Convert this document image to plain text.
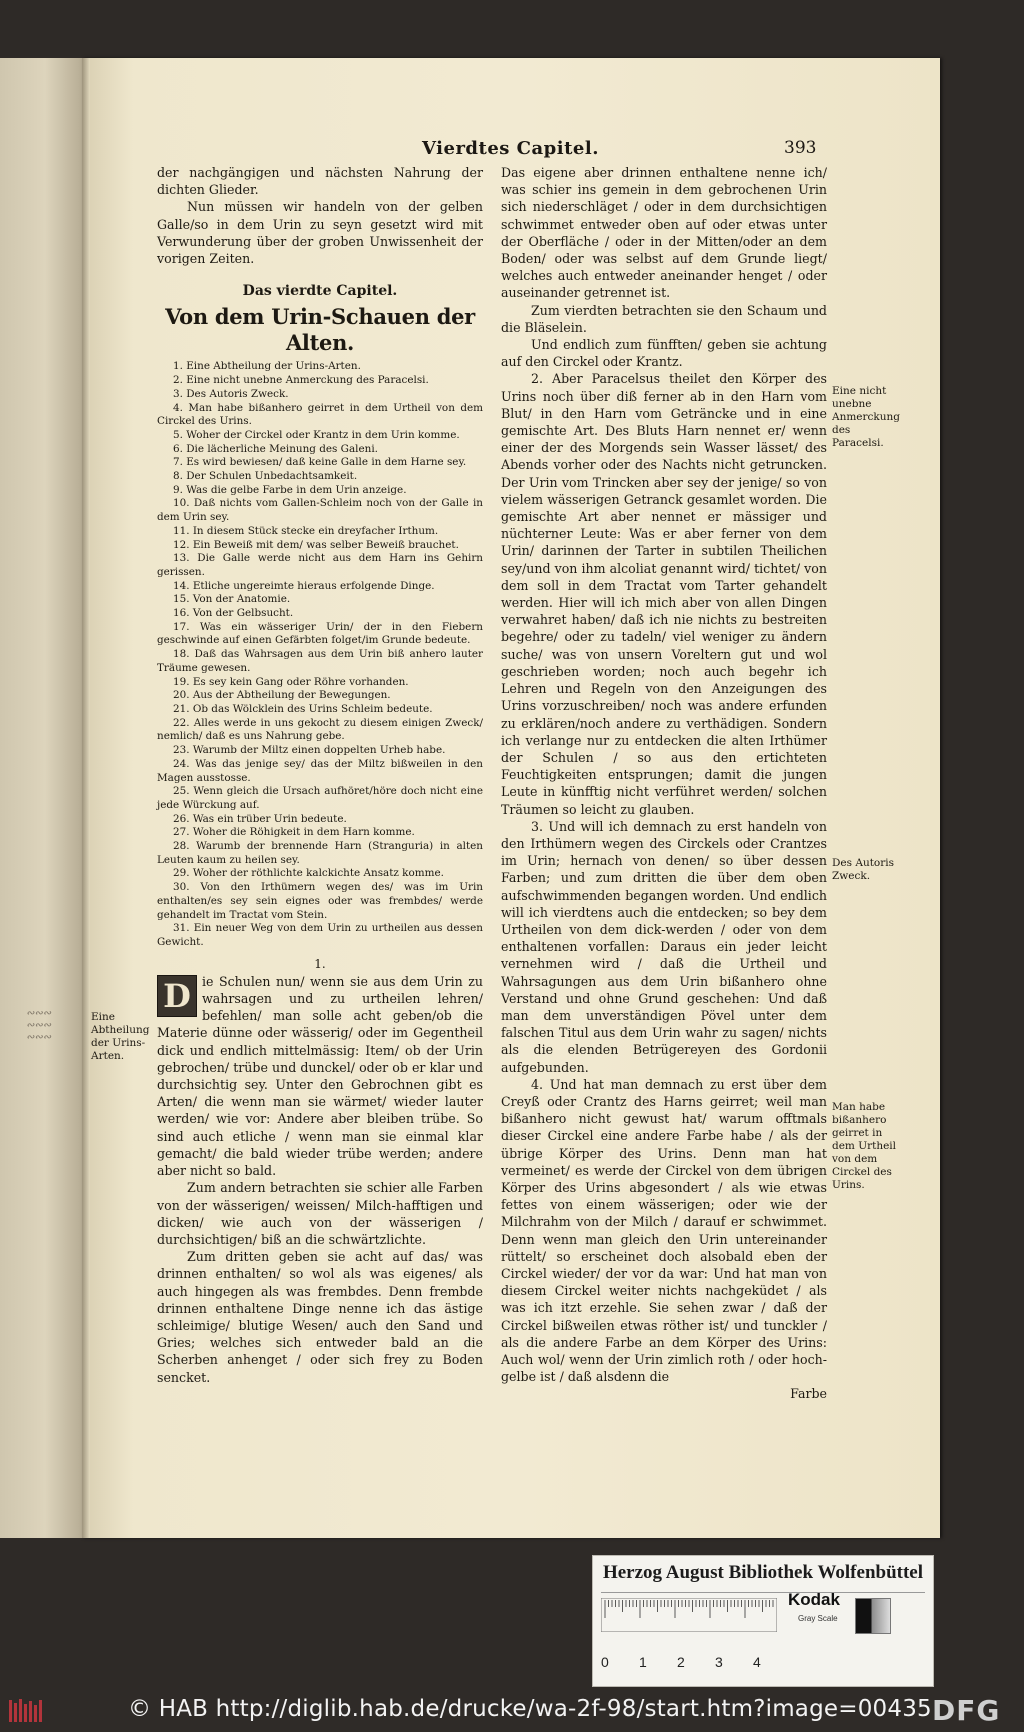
∾∾∾ ∾∾∾ ∾∾∾
Vierdtes Capitel.	393

der nachgängigen und nächsten Nahrung der dichten Glieder.

Nun müssen wir handeln von der gelben Galle/so in dem Urin zu seyn gesetzt wird mit Verwunderung über der groben Unwissenheit der vorigen Zeiten.

Das vierdte Capitel.

Von dem Urin-Schauen der Alten.

1. Eine Abtheilung der Urins-Arten.
2. Eine nicht unebne Anmerckung des Paracelsi.
3. Des Autoris Zweck.
4. Man habe bißanhero geirret in dem Urtheil von dem Circkel des Urins.
5. Woher der Circkel oder Krantz in dem Urin komme.
6. Die lächerliche Meinung des Galeni.
7. Es wird bewiesen/ daß keine Galle in dem Harne sey.
8. Der Schulen Unbedachtsamkeit.
9. Was die gelbe Farbe in dem Urin anzeige.
10. Daß nichts vom Gallen-Schleim noch von der Galle in dem Urin sey.
11. In diesem Stück stecke ein dreyfacher Irthum.
12. Ein Beweiß mit dem/ was selber Beweiß brauchet.
13. Die Galle werde nicht aus dem Harn ins Gehirn gerissen.
14. Etliche ungereimte hieraus erfolgende Dinge.
15. Von der Anatomie.
16. Von der Gelbsucht.
17. Was ein wässeriger Urin/ der in den Fiebern geschwinde auf einen Gefärbten folget/im Grunde bedeute.
18. Daß das Wahrsagen aus dem Urin biß anhero lauter Träume gewesen.
19. Es sey kein Gang oder Röhre vorhanden.
20. Aus der Abtheilung der Bewegungen.
21. Ob das Wölcklein des Urins Schleim bedeute.
22. Alles werde in uns gekocht zu diesem einigen Zweck/ nemlich/ daß es uns Nahrung gebe.
23. Warumb der Miltz einen doppelten Urheb habe.
24. Was das jenige sey/ das der Miltz bißweilen in den Magen ausstosse.
25. Wenn gleich die Ursach aufhöret/höre doch nicht eine jede Würckung auf.
26. Was ein trüber Urin bedeute.
27. Woher die Röhigkeit in dem Harn komme.
28. Warumb der brennende Harn (Stranguria) in alten Leuten kaum zu heilen sey.
29. Woher der röthlichte kalckichte Ansatz komme.
30. Von den Irthümern wegen des/ was im Urin enthalten/es sey sein eignes oder was frembdes/ werde gehandelt im Tractat vom Stein.
31. Ein neuer Weg von dem Urin zu urtheilen aus dessen Gewicht.

1.

D ie Schulen nun/ wenn sie aus dem Urin zu wahrsagen und zu urtheilen lehren/ befehlen/ man solle acht geben/ob die Materie dünne oder wässerig/ oder im Gegentheil dick und endlich mittelmässig: Item/ ob der Urin gebrochen/ trübe und dunckel/ oder ob er klar und durchsichtig sey. Unter den Gebrochnen gibt es Arten/ die wenn man sie wärmet/ wieder lauter werden/ wie vor: Andere aber bleiben trübe. So sind auch etliche / wenn man sie einmal klar gemacht/ die bald wieder trübe werden; andere aber nicht so bald.

Zum andern betrachten sie schier alle Farben von der wässerigen/ weissen/ Milch-hafftigen und dicken/ wie auch von der wässerigen / durchsichtigen/ biß an die schwärtzlichte.

Zum dritten geben sie acht auf das/ was drinnen enthalten/ so wol als was eigenes/ als auch hingegen als was frembdes. Denn frembde drinnen enthaltene Dinge nenne ich das ästige schleimige/ blutige Wesen/ auch den Sand und Gries; welches sich entweder bald an die Scherben anhenget / oder sich frey zu Boden sencket.

Das eigene aber drinnen enthaltene nenne ich/ was schier ins gemein in dem gebrochenen Urin sich niederschläget / oder in dem durchsichtigen schwimmet entweder oben auf oder etwas unter der Oberfläche / oder in der Mitten/oder an dem Boden/ oder was selbst auf dem Grunde liegt/ welches auch entweder aneinander henget / oder auseinander getrennet ist.

Zum vierdten betrachten sie den Schaum und die Bläselein.

Und endlich zum fünfften/ geben sie achtung auf den Circkel oder Krantz.

2. Aber Paracelsus theilet den Körper des Urins noch über diß ferner ab in den Harn vom Blut/ in den Harn vom Geträncke und in eine gemischte Art. Des Bluts Harn nennet er/ wenn einer der des Morgends sein Wasser lässet/ des Abends vorher oder des Nachts nicht getruncken. Der Urin vom Trincken aber sey der jenige/ so von vielem wässerigen Getranck gesamlet worden. Die gemischte Art aber nennet er mässiger und nüchterner Leute: Was er aber ferner von dem Urin/ darinnen der Tarter in subtilen Theilichen sey/und von ihm alcoliat genannt wird/ tichtet/ von dem soll in dem Tractat vom Tarter gehandelt werden. Hier will ich mich aber von allen Dingen verwahret haben/ daß ich nie nichts zu bestreiten begehre/ oder zu tadeln/ viel weniger zu ändern suche/ was von unsern Voreltern gut und wol geschrieben worden; noch auch begehr ich Lehren und Regeln von den Anzeigungen des Urins vorzuschreiben/ noch was andere erfunden zu erklären/noch andere zu verthädigen. Sondern ich verlange nur zu entdecken die alten Irthümer der Schulen / so aus den ertichteten Feuchtigkeiten entsprungen; damit die jungen Leute in künfftig nicht verführet werden/ solchen Träumen so leicht zu glauben.

3. Und will ich demnach zu erst handeln von den Irthümern wegen des Circkels oder Crantzes im Urin; hernach von denen/ so über dessen Farben; und zum dritten die über dem oben aufschwimmenden begangen worden. Und endlich will ich vierdtens auch die entdecken; so bey dem Urtheilen von dem dick-werden / oder von dem enthaltenen vorfallen: Daraus ein jeder leicht vernehmen wird / daß die Urtheil und Wahrsagungen aus dem Urin bißanhero ohne Verstand und ohne Grund geschehen: Und daß man dem unverständigen Pövel unter dem falschen Titul aus dem Urin wahr zu sagen/ nichts als die elenden Betrügereyen des Gordonii aufgebunden.

4. Und hat man demnach zu erst über dem Creyß oder Crantz des Harns geirret; weil man bißanhero nicht gewust hat/ warum offtmals dieser Circkel eine andere Farbe habe / als der übrige Körper des Urins. Denn man hat vermeinet/ es werde der Circkel von dem übrigen Körper des Urins abgesondert / als wie etwas fettes von einem wässerigen; oder wie der Milchrahm von der Milch / darauf er schwimmet. Denn wenn man gleich den Urin untereinander rüttelt/ so erscheinet doch alsobald eben der Circkel wieder/ der vor da war: Und hat man von diesem Circkel weiter nichts nachgeküdet / als was ich itzt erzehle. Sie sehen zwar / daß der Circkel bißweilen etwas röther ist/ und tunckler / als die andere Farbe an dem Körper des Urins: Auch wol/ wenn der Urin zimlich roth / oder hoch-gelbe ist / daß alsdenn die

Farbe

Eine Abtheilung der Urins-Arten.
Eine nicht unebne Anmerckung des Paracelsi.
Des Autoris Zweck.
Man habe bißanhero geirret in dem Urtheil von dem Circkel des Urins.
Herzog August Bibliothek Wolfenbüttel
0 1 2 3 4
Kodak
Gray Scale
© HAB http://diglib.hab.de/drucke/wa-2f-98/start.htm?image=00435 DFG
